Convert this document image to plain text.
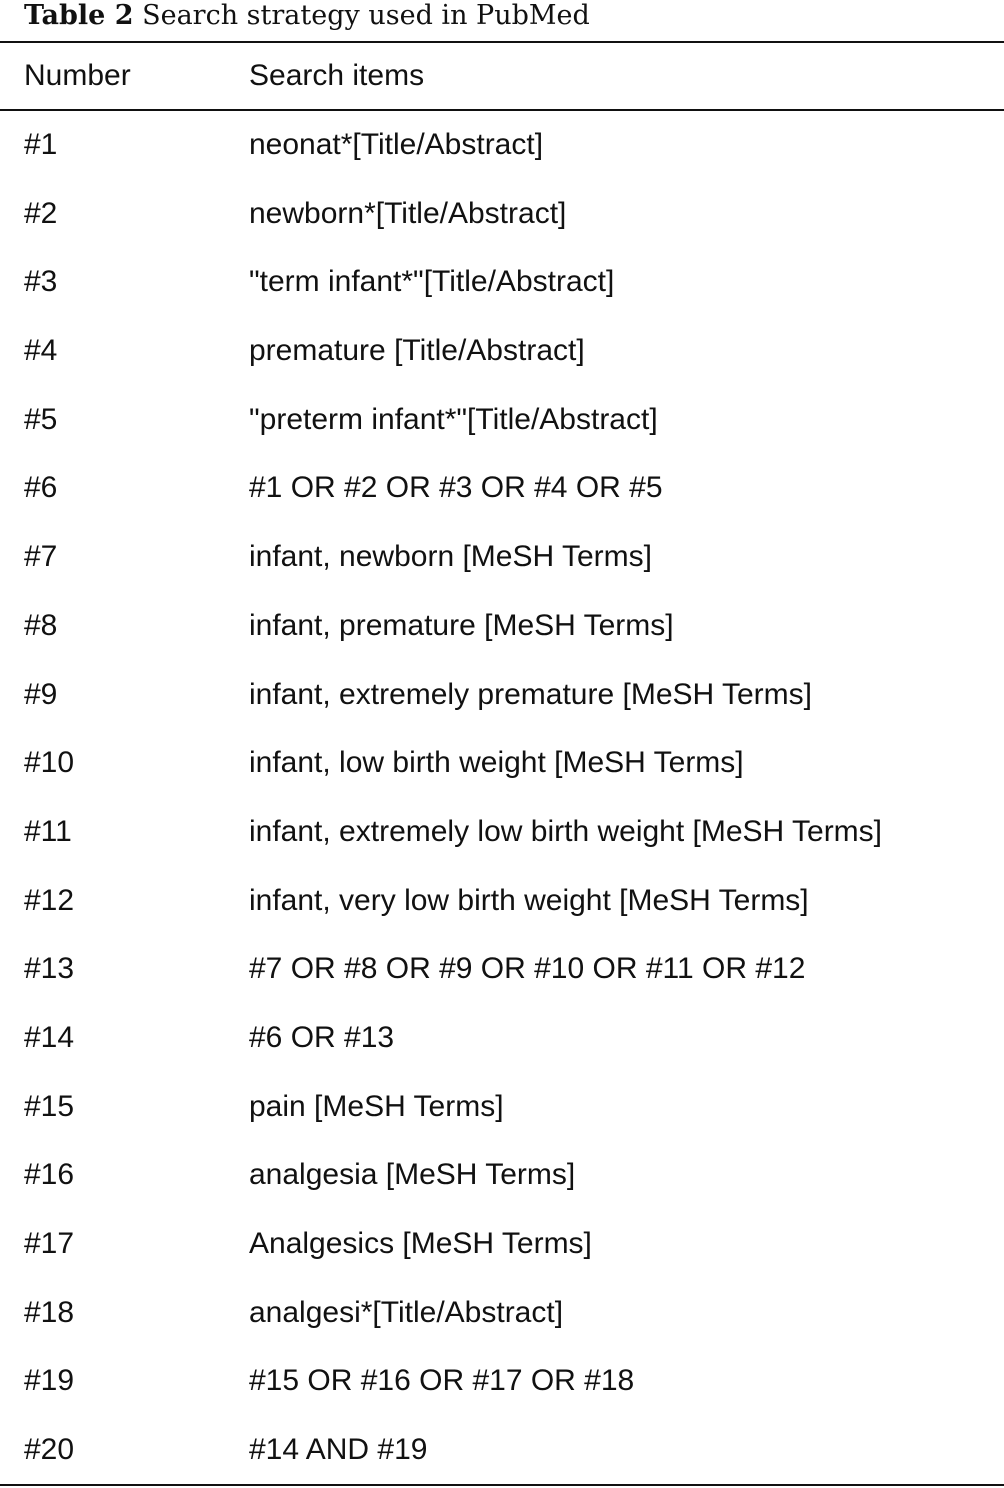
Table 2 Search strategy used in PubMed
Number	Search items
#1	neonat*[Title/Abstract]
#2	newborn*[Title/Abstract]
#3	"term infant*"[Title/Abstract]
#4	premature [Title/Abstract]
#5	"preterm infant*"[Title/Abstract]
#6	#1 OR #2 OR #3 OR #4 OR #5
#7	infant, newborn [MeSH Terms]
#8	infant, premature [MeSH Terms]
#9	infant, extremely premature [MeSH Terms]
#10	infant, low birth weight [MeSH Terms]
#11	infant, extremely low birth weight [MeSH Terms]
#12	infant, very low birth weight [MeSH Terms]
#13	#7 OR #8 OR #9 OR #10 OR #11 OR #12
#14	#6 OR #13
#15	pain [MeSH Terms]
#16	analgesia [MeSH Terms]
#17	Analgesics [MeSH Terms]
#18	analgesi*[Title/Abstract]
#19	#15 OR #16 OR #17 OR #18
#20	#14 AND #19
